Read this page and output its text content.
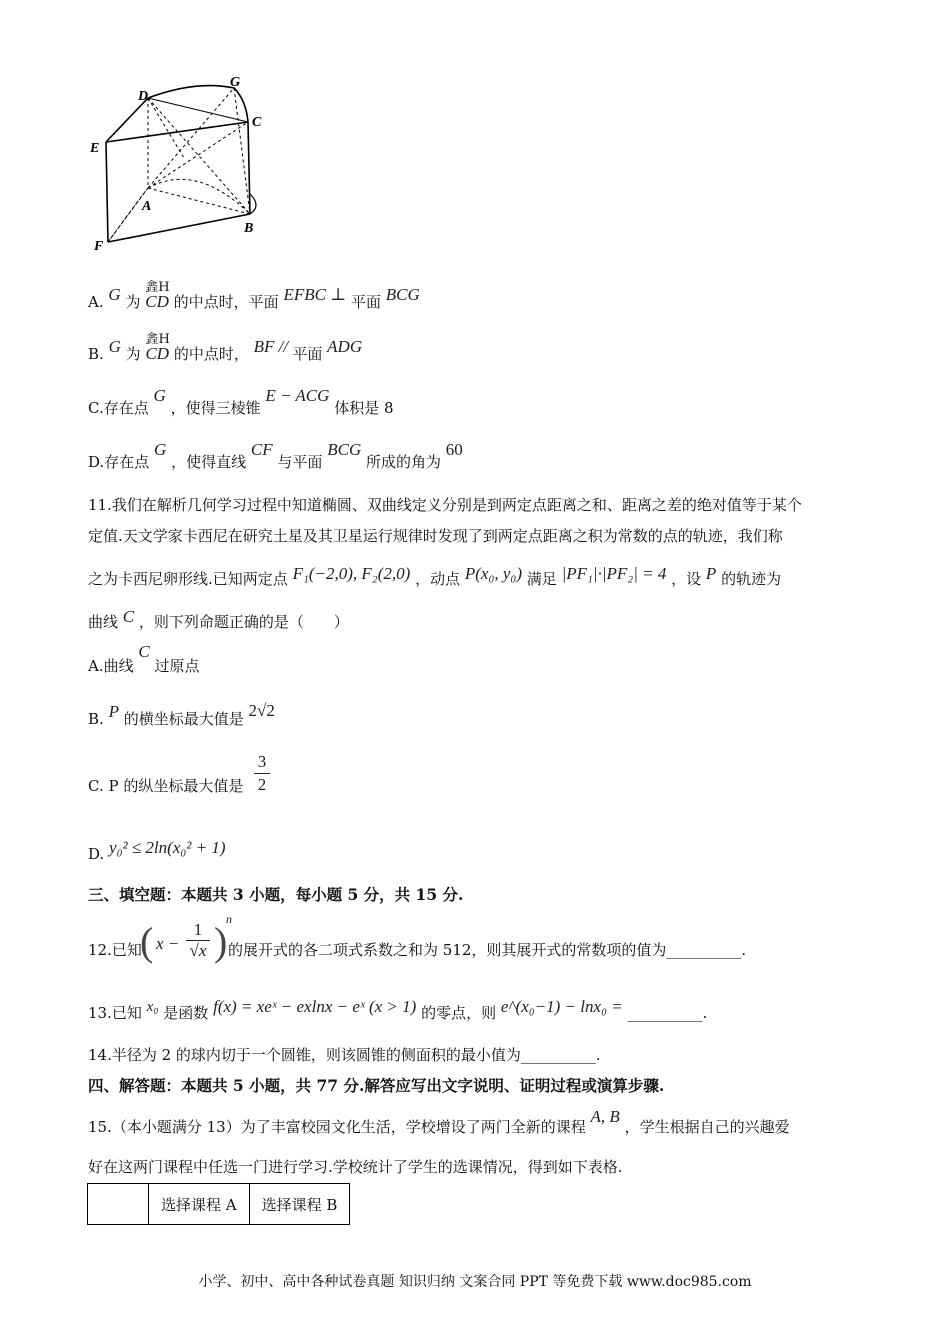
D
G
C
E
A
B
F
A. G 为
錱H
CD 的中点时，平面 EFBC ⊥ 平面 BCG
B. G 为
錱H
CD 的中点时， BF // 平面 ADG
C.存在点 G ，使得三棱锥 E − ACG 体积是 8
D.存在点 G ，使得直线 CF 与平面 BCG 所成的角为 60
11.我们在解析几何学习过程中知道椭圆、双曲线定义分别是到两定点距离之和、距离之差的绝对值等于某个
定值.天文学家卡西尼在研究土星及其卫星运行规律时发现了到两定点距离之积为常数的点的轨迹，我们称
之为卡西尼卵形线.已知两定点 F₁(−2,0), F₂(2,0) ，动点 P(x₀, y₀) 满足 |PF₁|·|PF₂| = 4 ，设 P 的轨迹为
曲线 C ，则下列命题正确的是（　　）
A.曲线 C 过原点
B. P 的横坐标最大值是 2√2
C. P 的纵坐标最大值是
3
2
D. y₀² ≤ 2ln(x₀² + 1)
三、填空题：本题共 3 小题，每小题 5 分，共 15 分.
12.已知
( x −
1
√x )
n
的展开式的各二项式系数之和为 512，则其展开式的常数项的值为__________.
13.已知 x₀ 是函数 f(x) = xeˣ − exlnx − eˣ (x > 1) 的零点，则 e^(x₀−1) − lnx₀ = __________.
14.半径为 2 的球内切于一个圆锥，则该圆锥的侧面积的最小值为__________.
四、解答题：本题共 5 小题，共 77 分.解答应写出文字说明、证明过程或演算步骤.
15.（本小题满分 13）为了丰富校园文化生活，学校增设了两门全新的课程 A, B ，学生根据自己的兴趣爱
好在这两门课程中任选一门进行学习.学校统计了学生的选课情况，得到如下表格.
	选择课程 A	选择课程 B
小学、初中、高中各种试卷真题 知识归纳 文案合同 PPT 等免费下载 www.doc985.com
